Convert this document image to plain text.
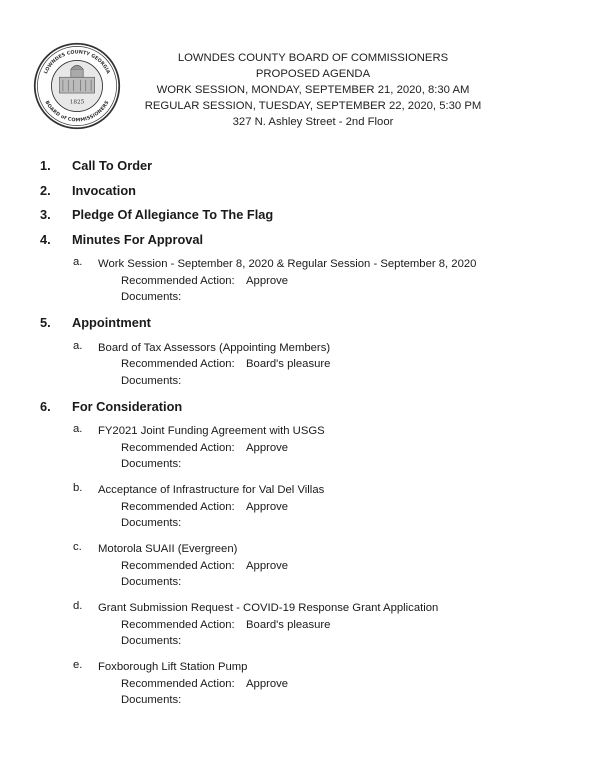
LOWNDES COUNTY GEORGIA
BOARD of COMMISSIONERS
1825
LOWNDES COUNTY BOARD OF COMMISSIONERS
PROPOSED AGENDA
WORK SESSION, MONDAY, SEPTEMBER 21, 2020, 8:30 AM
REGULAR SESSION, TUESDAY, SEPTEMBER 22, 2020, 5:30 PM
327 N. Ashley Street - 2nd Floor
1. Call To Order
2. Invocation
3. Pledge Of Allegiance To The Flag
4. Minutes For Approval
a. Work Session - September 8, 2020 & Regular Session - September 8, 2020
Recommended Action: Approve
Documents:
5. Appointment
a. Board of Tax Assessors (Appointing Members)
Recommended Action: Board's pleasure
Documents:
6. For Consideration
a. FY2021 Joint Funding Agreement with USGS
Recommended Action: Approve
Documents:
b. Acceptance of Infrastructure for Val Del Villas
Recommended Action: Approve
Documents:
c. Motorola SUAII (Evergreen)
Recommended Action: Approve
Documents:
d. Grant Submission Request - COVID-19 Response Grant Application
Recommended Action: Board's pleasure
Documents:
e. Foxborough Lift Station Pump
Recommended Action: Approve
Documents:
